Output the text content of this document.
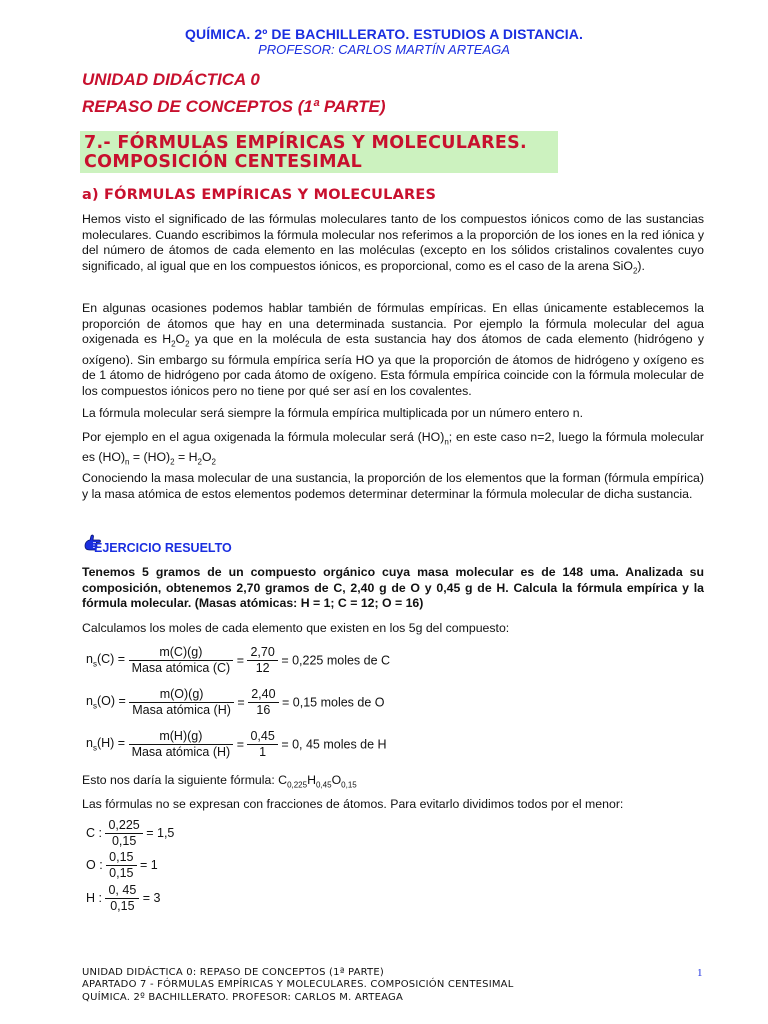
QUÍMICA. 2º DE BACHILLERATO. ESTUDIOS A DISTANCIA.
PROFESOR: CARLOS MARTÍN ARTEAGA
UNIDAD DIDÁCTICA 0
REPASO DE CONCEPTOS (1ª PARTE)
7.- FÓRMULAS EMPÍRICAS Y MOLECULARES.
COMPOSICIÓN CENTESIMAL
a) FÓRMULAS EMPÍRICAS Y MOLECULARES
Hemos visto el significado de las fórmulas moleculares tanto de los compuestos iónicos como de las sustancias moleculares. Cuando escribimos la fórmula molecular nos referimos a la proporción de los iones en la red iónica y del número de átomos de cada elemento en las moléculas (excepto en los sólidos cristalinos covalentes cuyo significado, al igual que en los compuestos iónicos, es proporcional, como es el caso de la arena SiO$_2$).
En algunas ocasiones podemos hablar también de fórmulas empíricas. En ellas únicamente establecemos la proporción de átomos que hay en una determinada sustancia. Por ejemplo la fórmula molecular del agua oxigenada es $H_2O_2$ ya que en la molécula de esta sustancia hay dos átomos de cada elemento (hidrógeno y oxígeno). Sin embargo su fórmula empírica sería HO ya que la proporción de átomos de hidrógeno y oxígeno es de 1 átomo de hidrógeno por cada átomo de oxígeno. Esta fórmula empírica coincide con la fórmula molecular de los compuestos iónicos pero no tiene por qué ser así en los covalentes.
La fórmula molecular será siempre la fórmula empírica multiplicada por un número entero n.
Por ejemplo en el agua oxigenada la fórmula molecular será $(HO)_n$; en este caso n=2, luego la fórmula molecular es $(HO)_n = (HO)_2 = H_2O_2$
Conociendo la masa molecular de una sustancia, la proporción de los elementos que la forman (fórmula empírica) y la masa atómica de estos elementos podemos determinar determinar la fórmula molecular de dicha sustancia.
EJERCICIO RESUELTO
Tenemos 5 gramos de un compuesto orgánico cuya masa molecular es de 148 uma. Analizada su composición, obtenemos 2,70 gramos de C, 2,40 g de O y 0,45 g de H. Calcula la fórmula empírica y la fórmula molecular. (Masas atómicas: H = 1; C = 12; O = 16)
Calculamos los moles de cada elemento que existen en los 5g del compuesto:
$n_s(C) = \frac{m(C)(g)}{\text{Masa atómica (C)}} = \frac{2,70}{12} = 0,225$ moles de C
$n_s(O) = \frac{m(O)(g)}{\text{Masa atómica (H)}} = \frac{2,40}{16} = 0,15$ moles de O
$n_s(H) = \frac{m(H)(g)}{\text{Masa atómica (H)}} = \frac{0,45}{1} = 0$, 45 moles de H
Esto nos daría la siguiente fórmula: $C_{0,225}H_{0,45}O_{0,15}$
Las fórmulas no se expresan con fracciones de átomos. Para evitarlo dividimos todos por el menor:
C : $\frac{0,225}{0,15} = 1,5$
O : $\frac{0,15}{0,15} = 1$
H : $\frac{0, 45}{0,15} = 3$
UNIDAD DIDÁCTICA 0: REPASO DE CONCEPTOS (1ª PARTE)
APARTADO 7 - FÓRMULAS EMPÍRICAS Y MOLECULARES. COMPOSICIÓN CENTESIMAL
QUÍMICA. 2º BACHILLERATO. PROFESOR: CARLOS M. ARTEAGA
1
